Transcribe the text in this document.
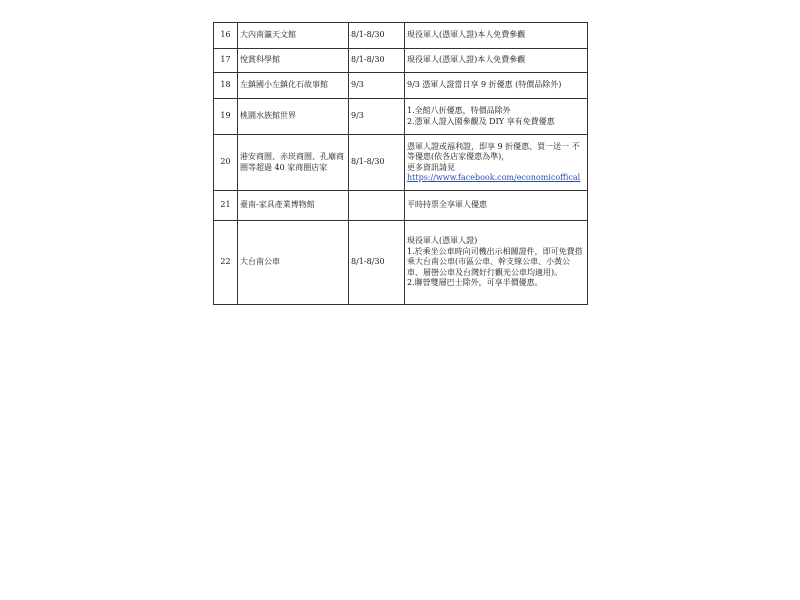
16	大內南瀛天文館	8/1-8/30	現役軍人(憑軍人證)本人免費參觀

17	悅賞科學館	8/1-8/30	現役軍人(憑軍人證)本人免費參觀

18	左鎮國小左鎮化石故事館	9/3	9/3 憑軍人證當日享 9 折優惠 (特價品除外)

19	桃園水族館世界	9/3	1.全館八折優惠，特價品除外
2.憑軍人證入園參觀及 DIY 享有免費優惠

20	港安商圈、赤崁商圈、孔廟商圈等超過 40 家商圈店家	8/1-8/30	憑軍人證或福利證，即享 9 折優惠、買一送一 不等優惠(依各店家優惠為準)，
更多資訊請見
https://www.facebook.com/economicoffical

21	臺南-家具產業博物館		平時持票全享軍人優惠

22	大台南公車	8/1-8/30	現役軍人(憑軍人證)
1.於乘坐公車時向司機出示相關證件，即可免費搭乘大台南公車(市區公車、幹支線公車、小黃公車、層巒公車及台灣好行觀光公車均適用)。
2.聯營雙層巴士除外，可享半價優惠。
